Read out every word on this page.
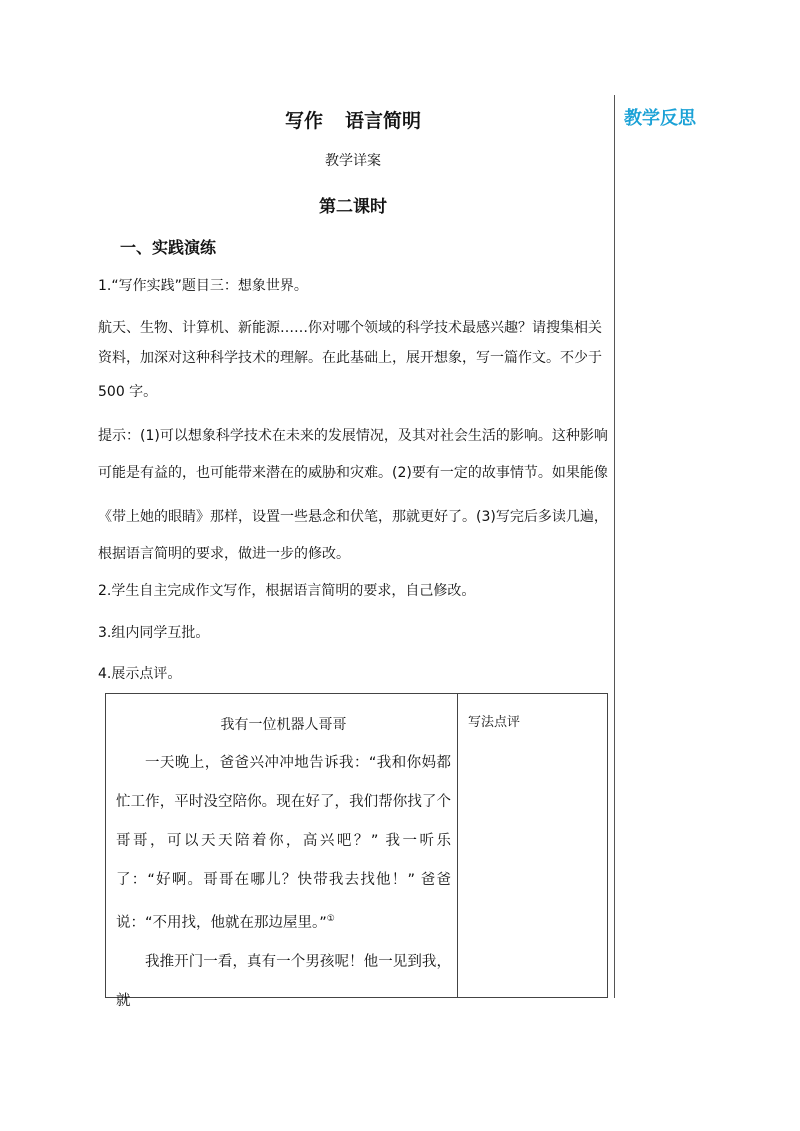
教学反思
写作 语言简明
教学详案
第二课时
一、实践演练
1.“写作实践”题目三：想象世界。
航天、生物、计算机、新能源……你对哪个领域的科学技术最感兴趣？请搜集相关
资料，加深对这种科学技术的理解。在此基础上，展开想象，写一篇作文。不少于
500 字。
提示：(1)可以想象科学技术在未来的发展情况，及其对社会生活的影响。这种影响
可能是有益的，也可能带来潜在的威胁和灾难。(2)要有一定的故事情节。如果能像
《带上她的眼睛》那样，设置一些悬念和伏笔，那就更好了。(3)写完后多读几遍，
根据语言简明的要求，做进一步的修改。
2.学生自主完成作文写作，根据语言简明的要求，自己修改。
3.组内同学互批。
4.展示点评。
我有一位机器人哥哥

一天晚上，爸爸兴冲冲地告诉我：“我和你妈都忙工作，平时没空陪你。现在好了，我们帮你找了个哥哥，可以天天陪着你，高兴吧？” 我一听乐了：“好啊。哥哥在哪儿？快带我去找他！” 爸爸说：“不用找，他就在那边屋里。”①

我推开门一看，真有一个男孩呢！他一见到我，就

写法点评
